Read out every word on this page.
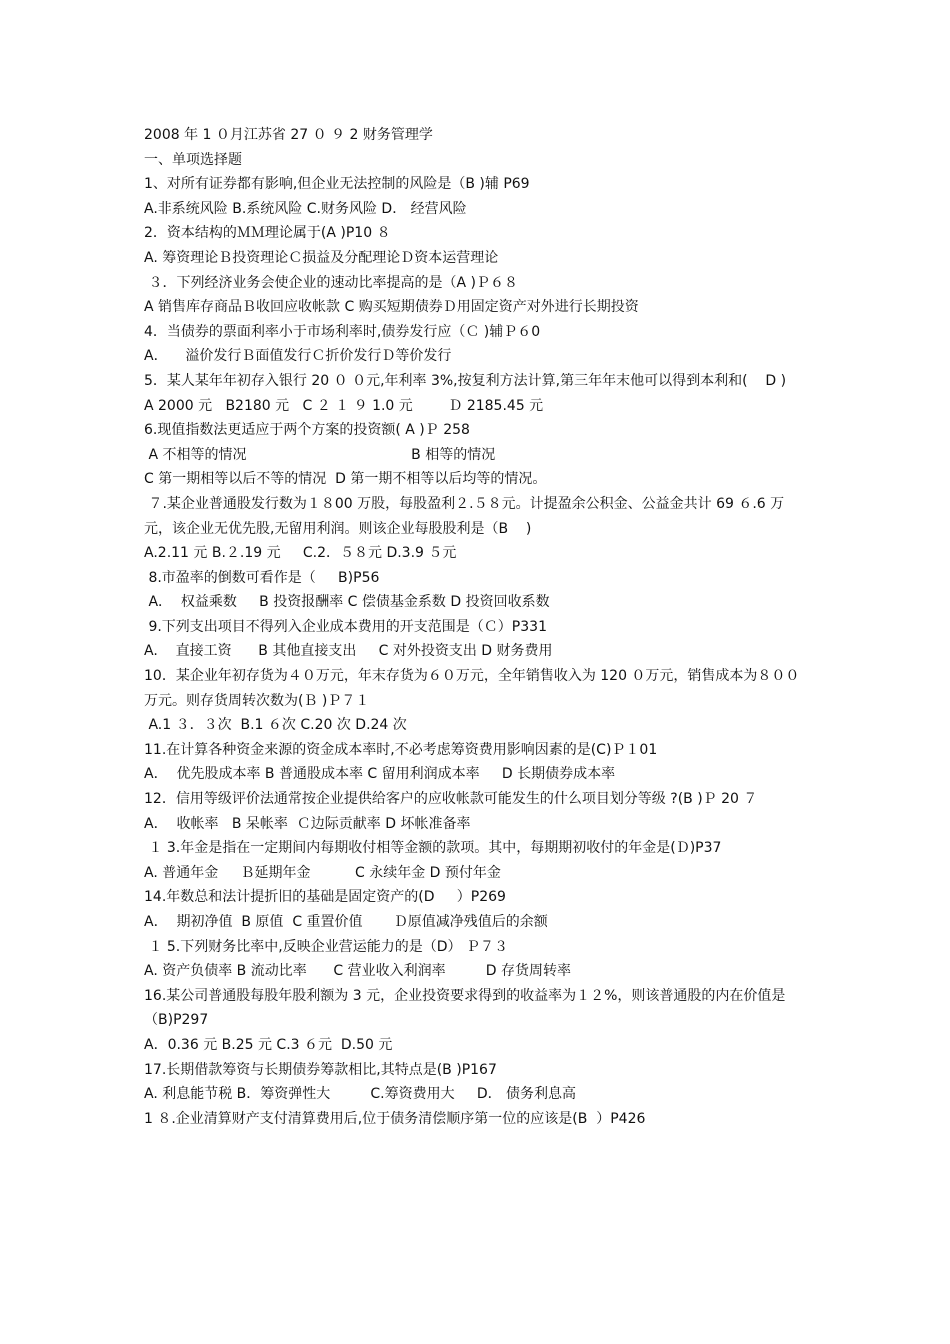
2008 年 1 ０月江苏省 27 ０ ９ 2 财务管理学

一、单项选择题

1、对所有证券都有影响,但企业无法控制的风险是（B )辅 P69

A.非系统风险 B.系统风险 C.财务风险 D． 经营风险

2．资本结构的ＭＭ理论属于(A )P10 ８

A. 筹资理论Ｂ投资理论Ｃ损益及分配理论Ｄ资本运营理论

３．下列经济业务会使企业的速动比率提高的是（A )Ｐ６８

A 销售库存商品Ｂ收回应收帐款 C 购买短期债券Ｄ用固定资产对外进行长期投资

4．当债券的票面利率小于市场利率时,债券发行应（Ｃ )辅Ｐ６0

A．    溢价发行Ｂ面值发行Ｃ折价发行Ｄ等价发行

5．某人某年年初存入银行 20 ０ ０元,年利率 3%,按复利方法计算,第三年年末他可以得到本利和(    D )

A 2000 元   B2180 元   C ２ １ ９ 1.0 元        Ｄ 2185.45 元

6.现值指数法更适应于两个方案的投资额( A )Ｐ 258

A 不相等的情况                                     B 相等的情况

C 第一期相等以后不等的情况  D 第一期不相等以后均等的情况。

７.某企业普通股发行数为１８00 万股，每股盈利２.５８元。计提盈余公积金、公益金共计 69 ６.6 万元，该企业无优先股,无留用利润。则该企业每股股利是（B    )

A.2.11 元 B.２.19 元     C.2．５８元 D.3.9 ５元

8.市盈率的倒数可看作是（     B)P56

A．  权益乘数     B 投资报酬率 C 偿债基金系数 D 投资回收系数

9.下列支出项目不得列入企业成本费用的开支范围是（Ｃ）P331

A.    直接工资      B 其他直接支出     C 对外投资支出 D 财务费用

10．某企业年初存货为４０万元，年末存货为６０万元，全年销售收入为 120 ０万元，销售成本为８００万元。则存货周转次数为(Ｂ )Ｐ７１

A.1 ３．３次  B.1 ６次 C.20 次 D.24 次

11.在计算各种资金来源的资金成本率时,不必考虑筹资费用影响因素的是(C)Ｐ１01

A．  优先股成本率 B 普通股成本率 C 留用利润成本率     D 长期债券成本率

12．信用等级评价法通常按企业提供给客户的应收帐款可能发生的什么项目划分等级 ?(B )Ｐ 20 ７

A．  收帐率   B 呆帐率  Ｃ边际贡献率 D 坏帐准备率

１ 3.年金是指在一定期间内每期收付相等金额的款项。其中，每期期初收付的年金是(Ｄ)P37

A. 普通年金     Ｂ延期年金          C 永续年金 D 预付年金

14.年数总和法计提折旧的基础是固定资产的(D     ）P269

A．  期初净值  B 原值  C 重置价值       Ｄ原值减净残值后的余额

１ 5.下列财务比率中,反映企业营运能力的是（D） Ｐ７３

A. 资产负债率 B 流动比率      C 营业收入利润率         D 存货周转率

16.某公司普通股每股年股利额为 3 元，企业投资要求得到的收益率为１２%，则该普通股的内在价值是（B)P297

A．0.36 元 B.25 元 C.3 ６元  D.50 元

17.长期借款筹资与长期债券筹款相比,其特点是(B )P167

A. 利息能节税 B．筹资弹性大         C.筹资费用大     D． 债务利息高

1 ８.企业清算财产支付清算费用后,位于债务清偿顺序第一位的应该是(B  ）P426
